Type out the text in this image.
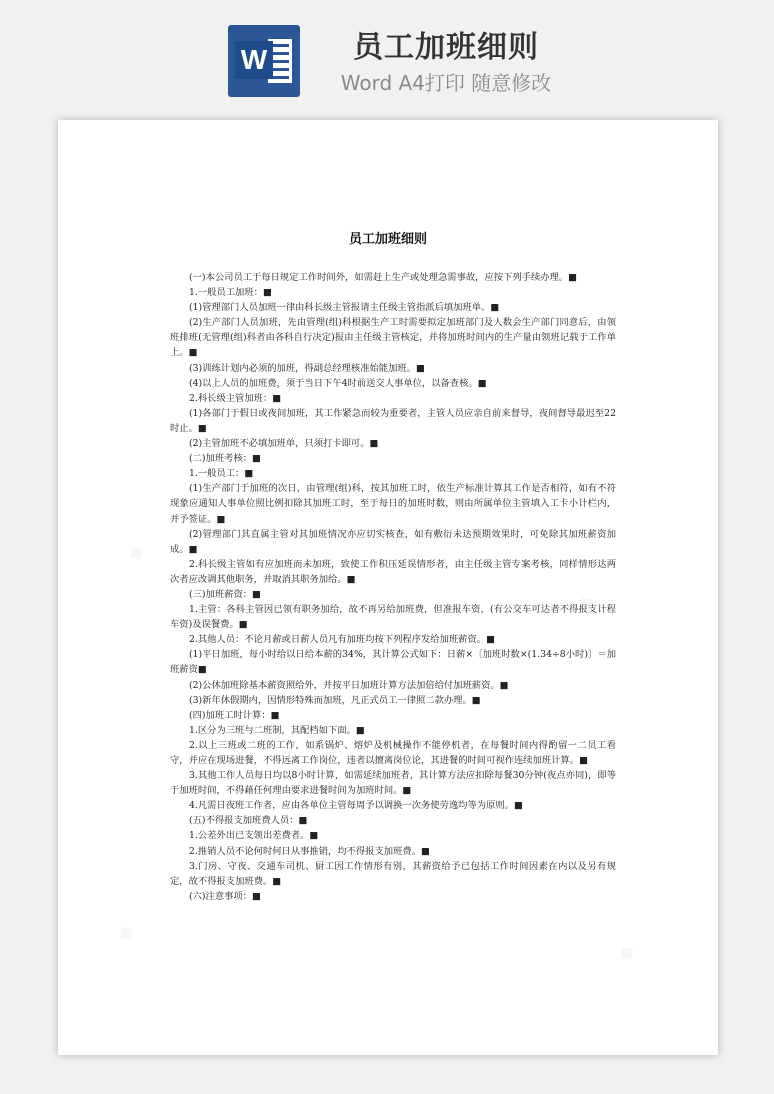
W	员工加班细则
Word A4打印 随意修改
员工加班细则

(一)本公司员工于每日规定工作时间外，如需赶上生产或处理急需事故，应按下列手续办理。■

1.一般员工加班：■

(1)管理部门人员加班一律由科长级主管报请主任级主管指派后填加班单。■

(2)生产部门人员加班，先由管理(组)科根据生产工时需要拟定加班部门及人数会生产部门同意后，由领班排班(无管理(组)科者由各科自行决定)报由主任级主管核定，并将加班时间内的生产量由领班记载于工作单上。■

(3)训练计划内必须的加班，得副总经理核准始能加班。■

(4)以上人员的加班费，须于当日下午4时前送交人事单位，以备查核。■

2.科长级主管加班：■

(1)各部门于假日或夜间加班，其工作紧急而较为重要者，主管人员应亲自前来督导，夜间督导最迟至22时止。■

(2)主管加班不必填加班单，只须打卡即可。■

(二)加班考核：■

1.一般员工：■

(1)生产部门于加班的次日，由管理(组)科，按其加班工时，依生产标准计算其工作是否相符，如有不符现象应通知人事单位照比例扣除其加班工时，至于每日的加班时数，则由所属单位主管填入工卡小计栏内，并予签证。■

(2)管理部门其直属主管对其加班情况亦应切实核查，如有敷衍未达预期效果时，可免除其加班薪资加成。■

2.科长级主管如有应加班而未加班，致使工作积压延误情形者，由主任级主管专案考核，同样情形达两次者应改调其他职务，并取消其职务加给。■

(三)加班薪资：■

1.主管：各科主管因已领有职务加给，故不再另给加班费，但准报车资，(有公交车可达者不得报支计程车资)及误餐费。■

2.其他人员：不论月薪或日薪人员凡有加班均按下列程序发给加班薪资。■

(1)平日加班，每小时给以日给本薪的34%，其计算公式如下：日薪×〔加班时数×(1.34÷8小时)〕＝加班薪资■

(2)公休加班除基本薪资照给外，并按平日加班计算方法加倍给付加班薪资。■

(3)新年休假期内，因情形特殊而加班，凡正式员工一律照二款办理。■

(四)加班工时计算：■

1.区分为三班与二班制，其配档如下面。■

2.以上三班或二班的工作，如系锅炉、熔炉及机械操作不能停机者，在每餐时间内得酌留一二员工看守，并应在现场进餐，不得远离工作岗位，违者以擅离岗位论，其进餐的时间可视作连续加班计算。■

3.其他工作人员每日均以8小时计算，如需延续加班者，其计算方法应扣除每餐30分钟(夜点亦同)，即等于加班时间，不得藉任何理由要求进餐时间为加班时间。■

4.凡需日夜班工作者，应由各单位主管每周予以调换一次务使劳逸均等为原则。■

(五)不得报支加班费人员：■

1.公差外出已支领出差费者。■

2.推销人员不论何时何日从事推销，均不得报支加班费。■

3.门房、守夜、交通车司机、厨工因工作情形有别，其薪资给予已包括工作时间因素在内以及另有规定，故不得报支加班费。■

(六)注意事项：■
